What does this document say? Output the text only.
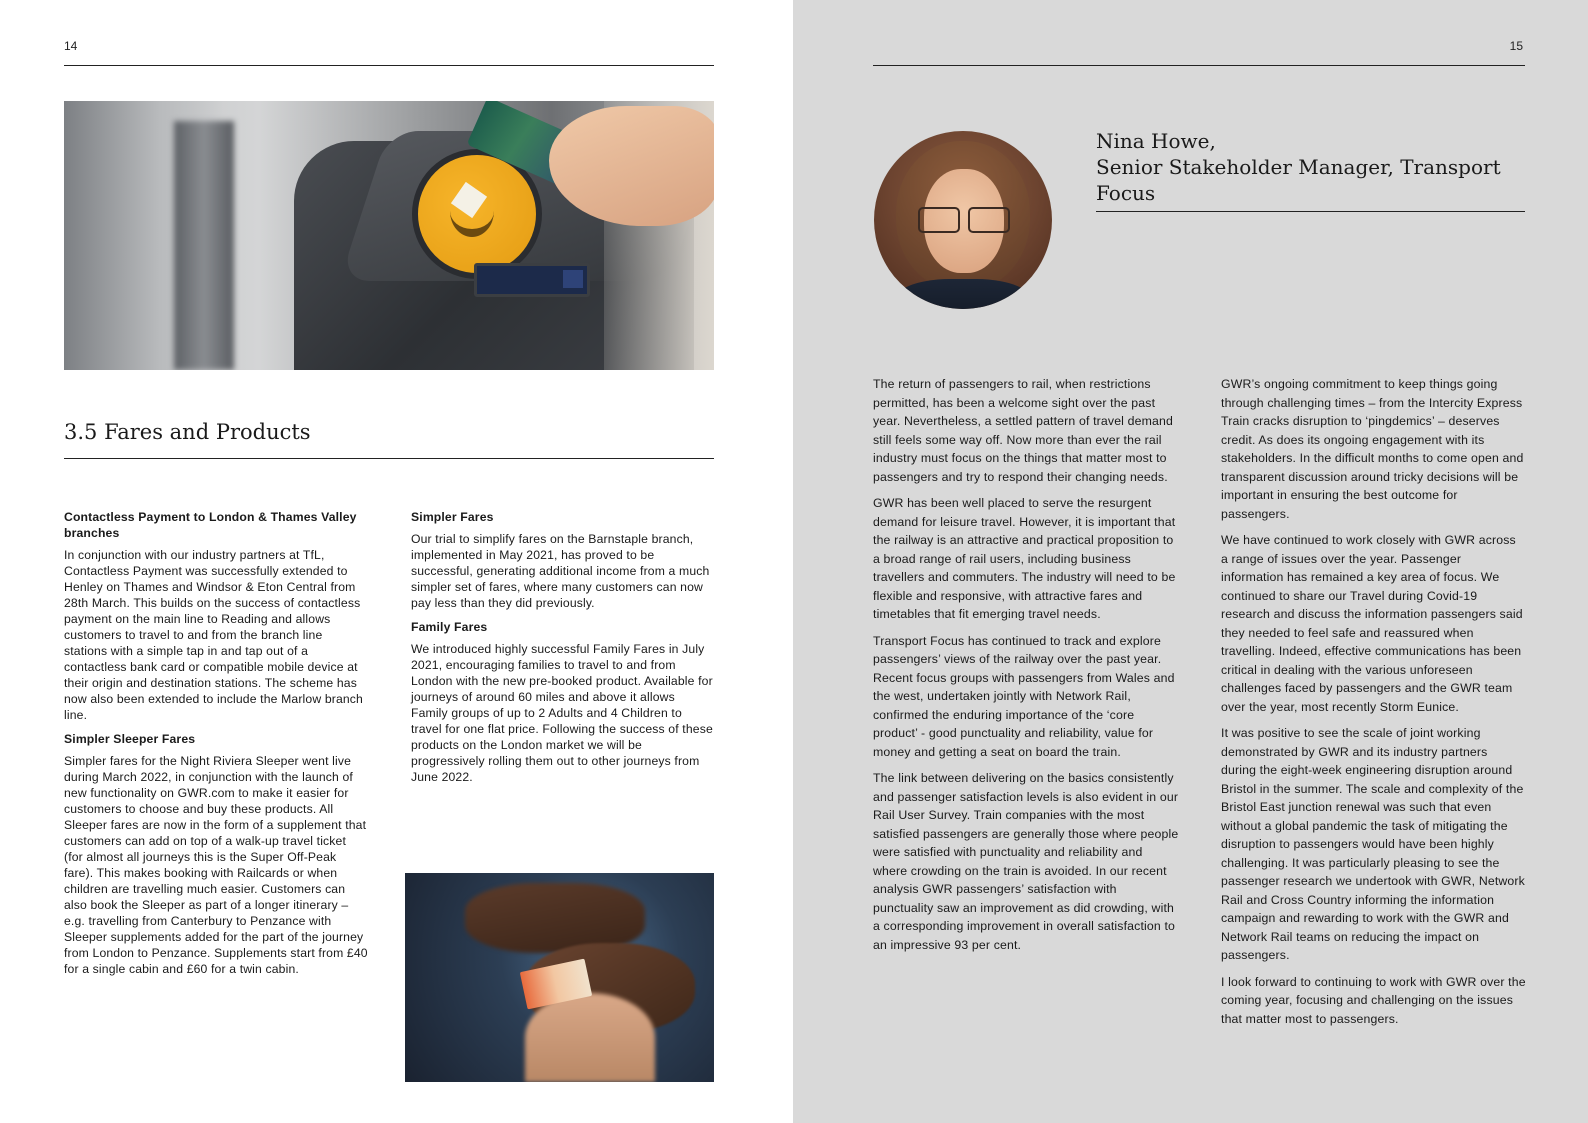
14
3.5 Fares and Products
Contactless Payment to London & Thames Valley branches

In conjunction with our industry partners at TfL, Contactless Payment was successfully extended to Henley on Thames and Windsor & Eton Central from 28th March. This builds on the success of contactless payment on the main line to Reading and allows customers to travel to and from the branch line stations with a simple tap in and tap out of a contactless bank card or compatible mobile device at their origin and destination stations. The scheme has now also been extended to include the Marlow branch line.

Simpler Sleeper Fares

Simpler fares for the Night Riviera Sleeper went live during March 2022, in conjunction with the launch of new functionality on GWR.com to make it easier for customers to choose and buy these products. All Sleeper fares are now in the form of a supplement that customers can add on top of a walk-up travel ticket (for almost all journeys this is the Super Off-Peak fare). This makes booking with Railcards or when children are travelling much easier. Customers can also book the Sleeper as part of a longer itinerary – e.g. travelling from Canterbury to Penzance with Sleeper supplements added for the part of the journey from London to Penzance. Supplements start from £40 for a single cabin and £60 for a twin cabin.

Simpler Fares

Our trial to simplify fares on the Barnstaple branch, implemented in May 2021, has proved to be successful, generating additional income from a much simpler set of fares, where many customers can now pay less than they did previously.

Family Fares

We introduced highly successful Family Fares in July 2021, encouraging families to travel to and from London with the new pre-booked product. Available for journeys of around 60 miles and above it allows Family groups of up to 2 Adults and 4 Children to travel for one flat price. Following the success of these products on the London market we will be progressively rolling them out to other journeys from June 2022.

15
Nina Howe,
Senior Stakeholder Manager, Transport Focus

The return of passengers to rail, when restrictions permitted, has been a welcome sight over the past year. Nevertheless, a settled pattern of travel demand still feels some way off. Now more than ever the rail industry must focus on the things that matter most to passengers and try to respond their changing needs.

GWR has been well placed to serve the resurgent demand for leisure travel. However, it is important that the railway is an attractive and practical proposition to a broad range of rail users, including business travellers and commuters. The industry will need to be flexible and responsive, with attractive fares and timetables that fit emerging travel needs.

Transport Focus has continued to track and explore passengers’ views of the railway over the past year. Recent focus groups with passengers from Wales and the west, undertaken jointly with Network Rail, confirmed the enduring importance of the ‘core product’ - good punctuality and reliability, value for money and getting a seat on board the train.

The link between delivering on the basics consistently and passenger satisfaction levels is also evident in our Rail User Survey. Train companies with the most satisfied passengers are generally those where people were satisfied with punctuality and reliability and where crowding on the train is avoided. In our recent analysis GWR passengers’ satisfaction with punctuality saw an improvement as did crowding, with a corresponding improvement in overall satisfaction to an impressive 93 per cent.

GWR’s ongoing commitment to keep things going through challenging times – from the Intercity Express Train cracks disruption to ‘pingdemics’ – deserves credit. As does its ongoing engagement with its stakeholders. In the difficult months to come open and transparent discussion around tricky decisions will be important in ensuring the best outcome for passengers.

We have continued to work closely with GWR across a range of issues over the year. Passenger information has remained a key area of focus. We continued to share our Travel during Covid-19 research and discuss the information passengers said they needed to feel safe and reassured when travelling. Indeed, effective communications has been critical in dealing with the various unforeseen challenges faced by passengers and the GWR team over the year, most recently Storm Eunice.

It was positive to see the scale of joint working demonstrated by GWR and its industry partners during the eight-week engineering disruption around Bristol in the summer. The scale and complexity of the Bristol East junction renewal was such that even without a global pandemic the task of mitigating the disruption to passengers would have been highly challenging. It was particularly pleasing to see the passenger research we undertook with GWR, Network Rail and Cross Country informing the information campaign and rewarding to work with the GWR and Network Rail teams on reducing the impact on passengers.

I look forward to continuing to work with GWR over the coming year, focusing and challenging on the issues that matter most to passengers.
